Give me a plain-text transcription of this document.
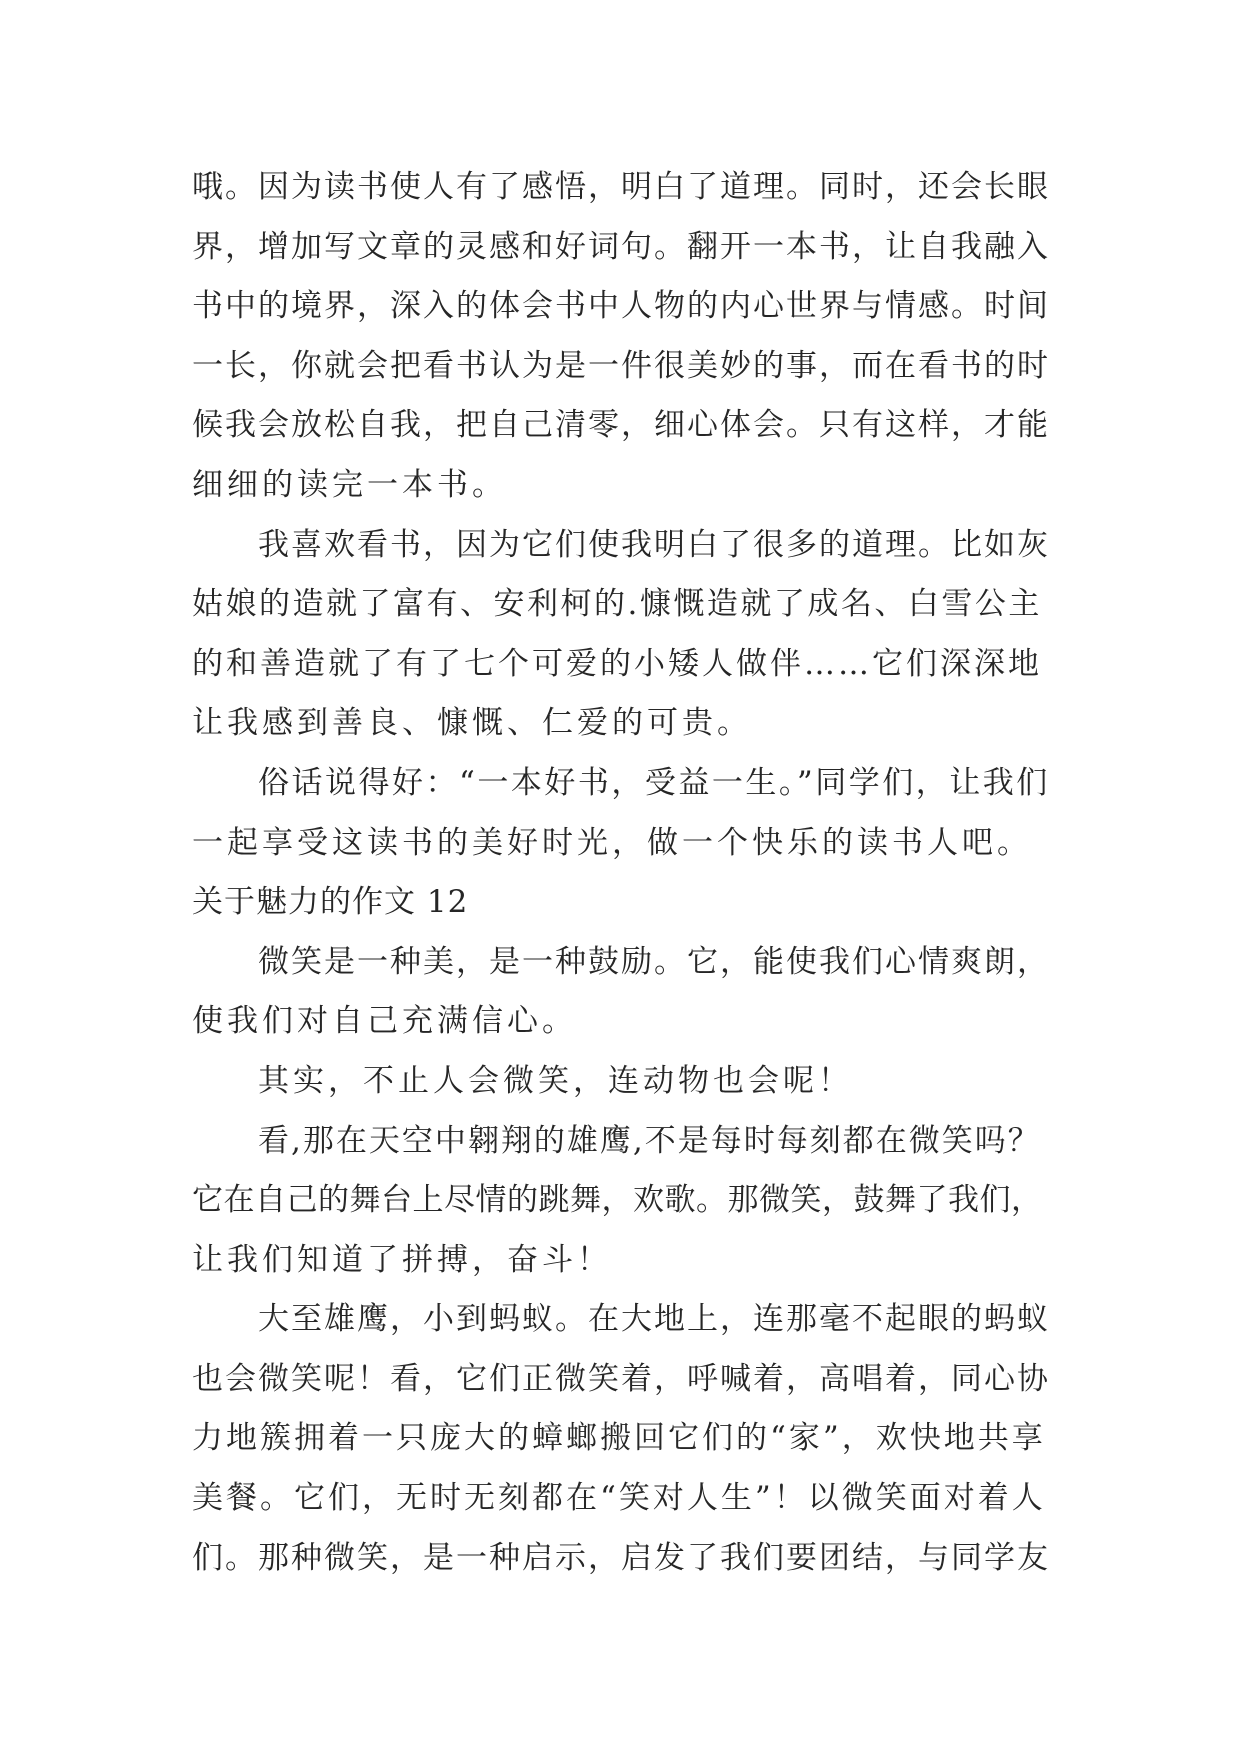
哦。因为读书使人有了感悟，明白了道理。同时，还会长眼
界，增加写文章的灵感和好词句。翻开一本书，让自我融入
书中的境界，深入的体会书中人物的内心世界与情感。时间
一长，你就会把看书认为是一件很美妙的事，而在看书的时
候我会放松自我，把自己清零，细心体会。只有这样，才能
细细的读完一本书。
我喜欢看书，因为它们使我明白了很多的道理。比如灰
姑娘的造就了富有、安利柯的.慷慨造就了成名、白雪公主
的和善造就了有了七个可爱的小矮人做伴……它们深深地
让我感到善良、慷慨、仁爱的可贵。
俗话说得好：“一本好书，受益一生。”同学们，让我们
一起享受这读书的美好时光，做一个快乐的读书人吧。
关于魅力的作文 12
微笑是一种美，是一种鼓励。它，能使我们心情爽朗，
使我们对自己充满信心。
其实，不止人会微笑，连动物也会呢！
看,那在天空中翱翔的雄鹰,不是每时每刻都在微笑吗？
它在自己的舞台上尽情的跳舞，欢歌。那微笑，鼓舞了我们，
让我们知道了拼搏，奋斗！
大至雄鹰，小到蚂蚁。在大地上，连那毫不起眼的蚂蚁
也会微笑呢！看，它们正微笑着，呼喊着，高唱着，同心协
力地簇拥着一只庞大的蟑螂搬回它们的“家”，欢快地共享
美餐。它们，无时无刻都在“笑对人生”！以微笑面对着人
们。那种微笑，是一种启示，启发了我们要团结，与同学友
